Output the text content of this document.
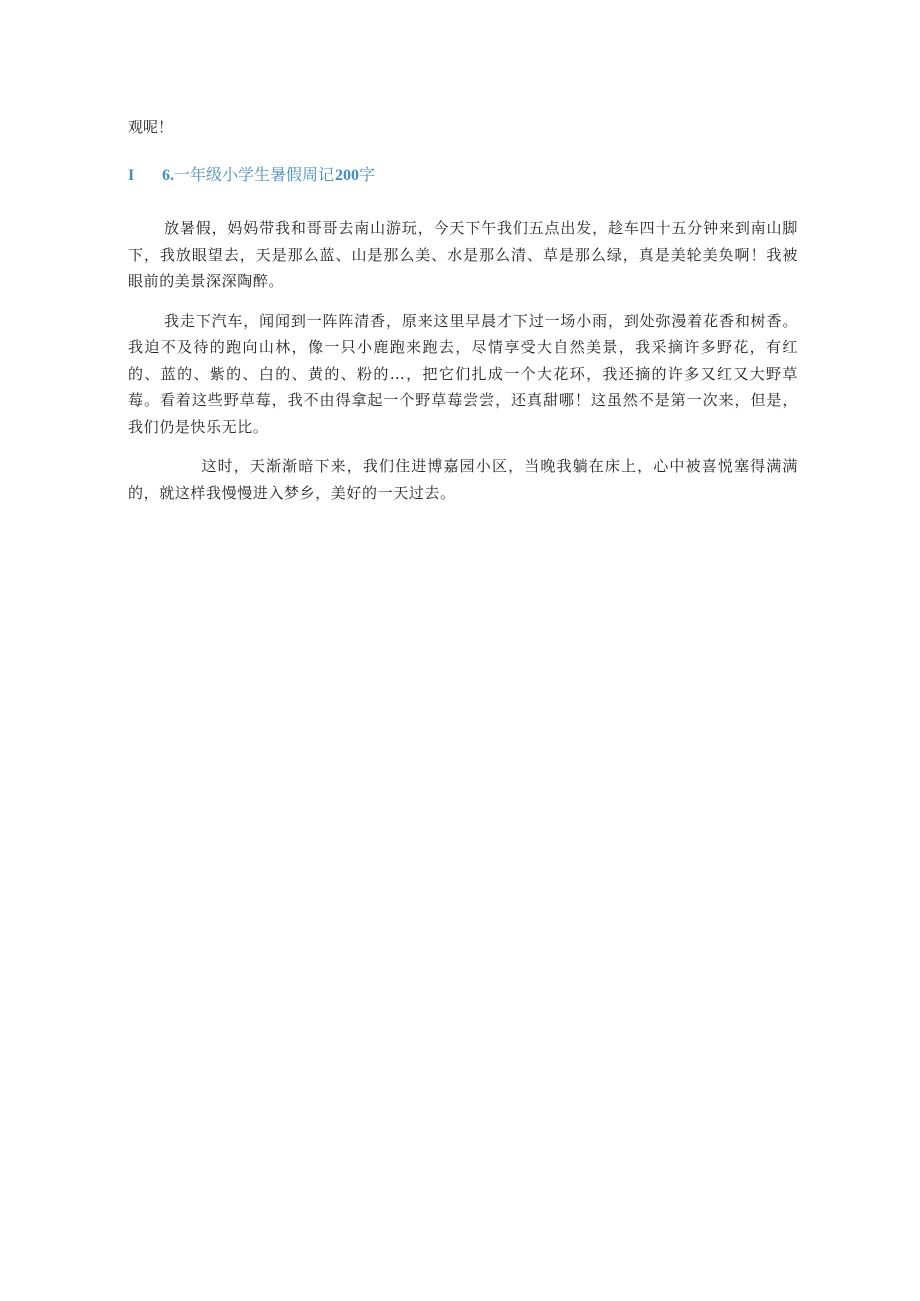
观呢！

I	6. 一年级小学生暑假周记 200 字

放暑假，妈妈带我和哥哥去南山游玩，今天下午我们五点出发，趁车四十五分钟来到南山脚下，我放眼望去，天是那么蓝、山是那么美、水是那么清、草是那么绿，真是美轮美奂啊！我被眼前的美景深深陶醉。

我走下汽车，闻闻到一阵阵清香，原来这里早晨才下过一场小雨，到处弥漫着花香和树香。我迫不及待的跑向山林，像一只小鹿跑来跑去，尽情享受大自然美景，我采摘许多野花，有红的、蓝的、紫的、白的、黄的、粉的…，把它们扎成一个大花环，我还摘的许多又红又大野草莓。看着这些野草莓，我不由得拿起一个野草莓尝尝，还真甜哪！这虽然不是第一次来，但是，我们仍是快乐无比。

这时，天渐渐暗下来，我们住进博嘉园小区，当晚我躺在床上，心中被喜悦塞得满满的，就这样我慢慢进入梦乡，美好的一天过去。
